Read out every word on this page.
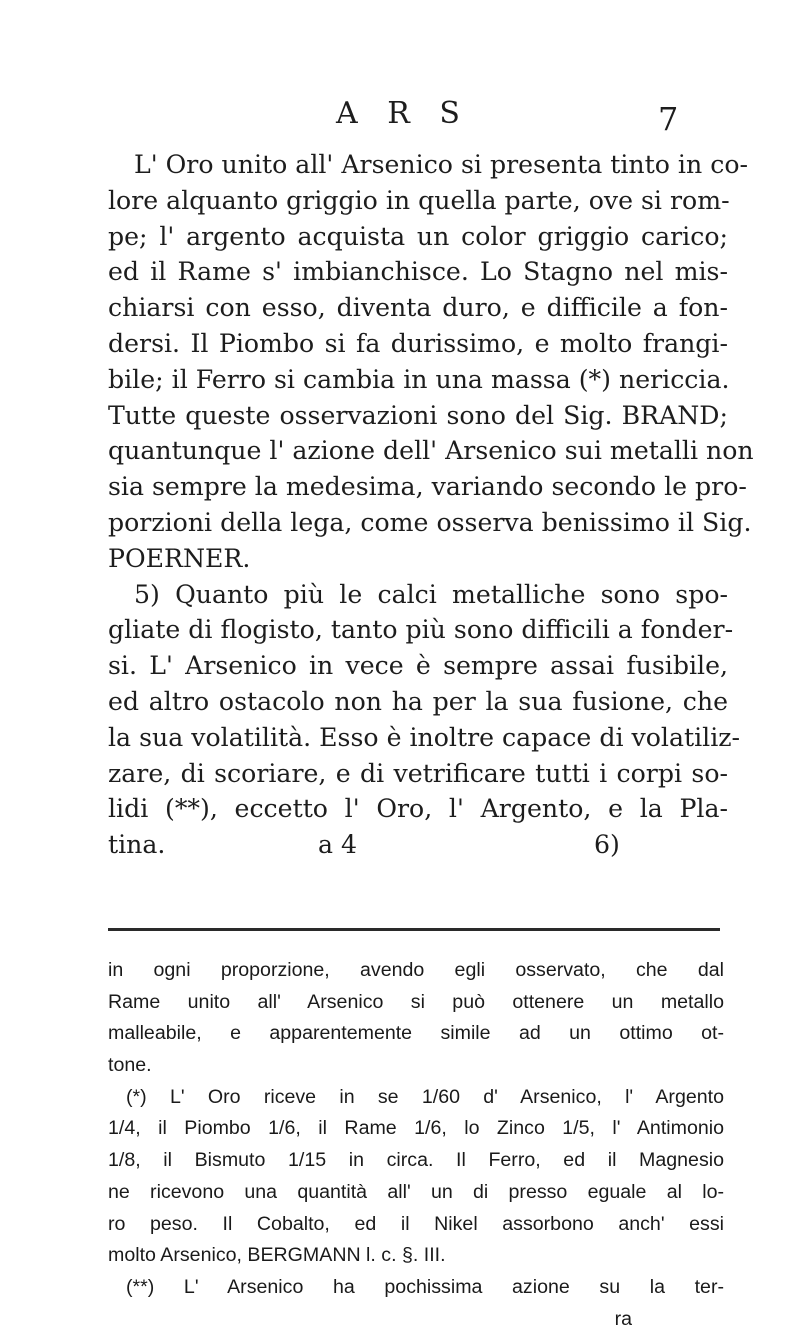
A R S	7
L' Oro unito all' Arsenico si presenta tinto in co-
lore alquanto griggio in quella parte, ove si rom-
pe; l' argento acquista un color griggio carico;
ed il Rame s' imbianchisce. Lo Stagno nel mis-
chiarsi con esso, diventa duro, e difficile a fon-
dersi. Il Piombo si fa durissimo, e molto frangi-
bile; il Ferro si cambia in una massa (*) nericcia.
Tutte queste osservazioni sono del Sig. BRAND;
quantunque l' azione dell' Arsenico sui metalli non
sia sempre la medesima, variando secondo le pro-
porzioni della lega, come osserva benissimo il Sig.
POERNER.
5) Quanto più le calci metalliche sono spo-
gliate di flogisto, tanto più sono difficili a fonder-
si. L' Arsenico in vece è sempre assai fusibile,
ed altro ostacolo non ha per la sua fusione, che
la sua volatilità. Esso è inoltre capace di volatiliz-
zare, di scoriare, e di vetrificare tutti i corpi so-
lidi (**), eccetto l' Oro, l' Argento, e la Pla-
tina.	a 4	6)
in ogni proporzione, avendo egli osservato, che dal
Rame unito all' Arsenico si può ottenere un metallo
malleabile, e apparentemente simile ad un ottimo ot-
tone.
(*) L' Oro riceve in se 1/60 d' Arsenico, l' Argento
1/4, il Piombo 1/6, il Rame 1/6, lo Zinco 1/5, l' Antimonio
1/8, il Bismuto 1/15 in circa. Il Ferro, ed il Magnesio
ne ricevono una quantità all' un di presso eguale al lo-
ro peso. Il Cobalto, ed il Nikel assorbono anch' essi
molto Arsenico, BERGMANN l. c. §. III.
(**) L' Arsenico ha pochissima azione su la ter-
ra
